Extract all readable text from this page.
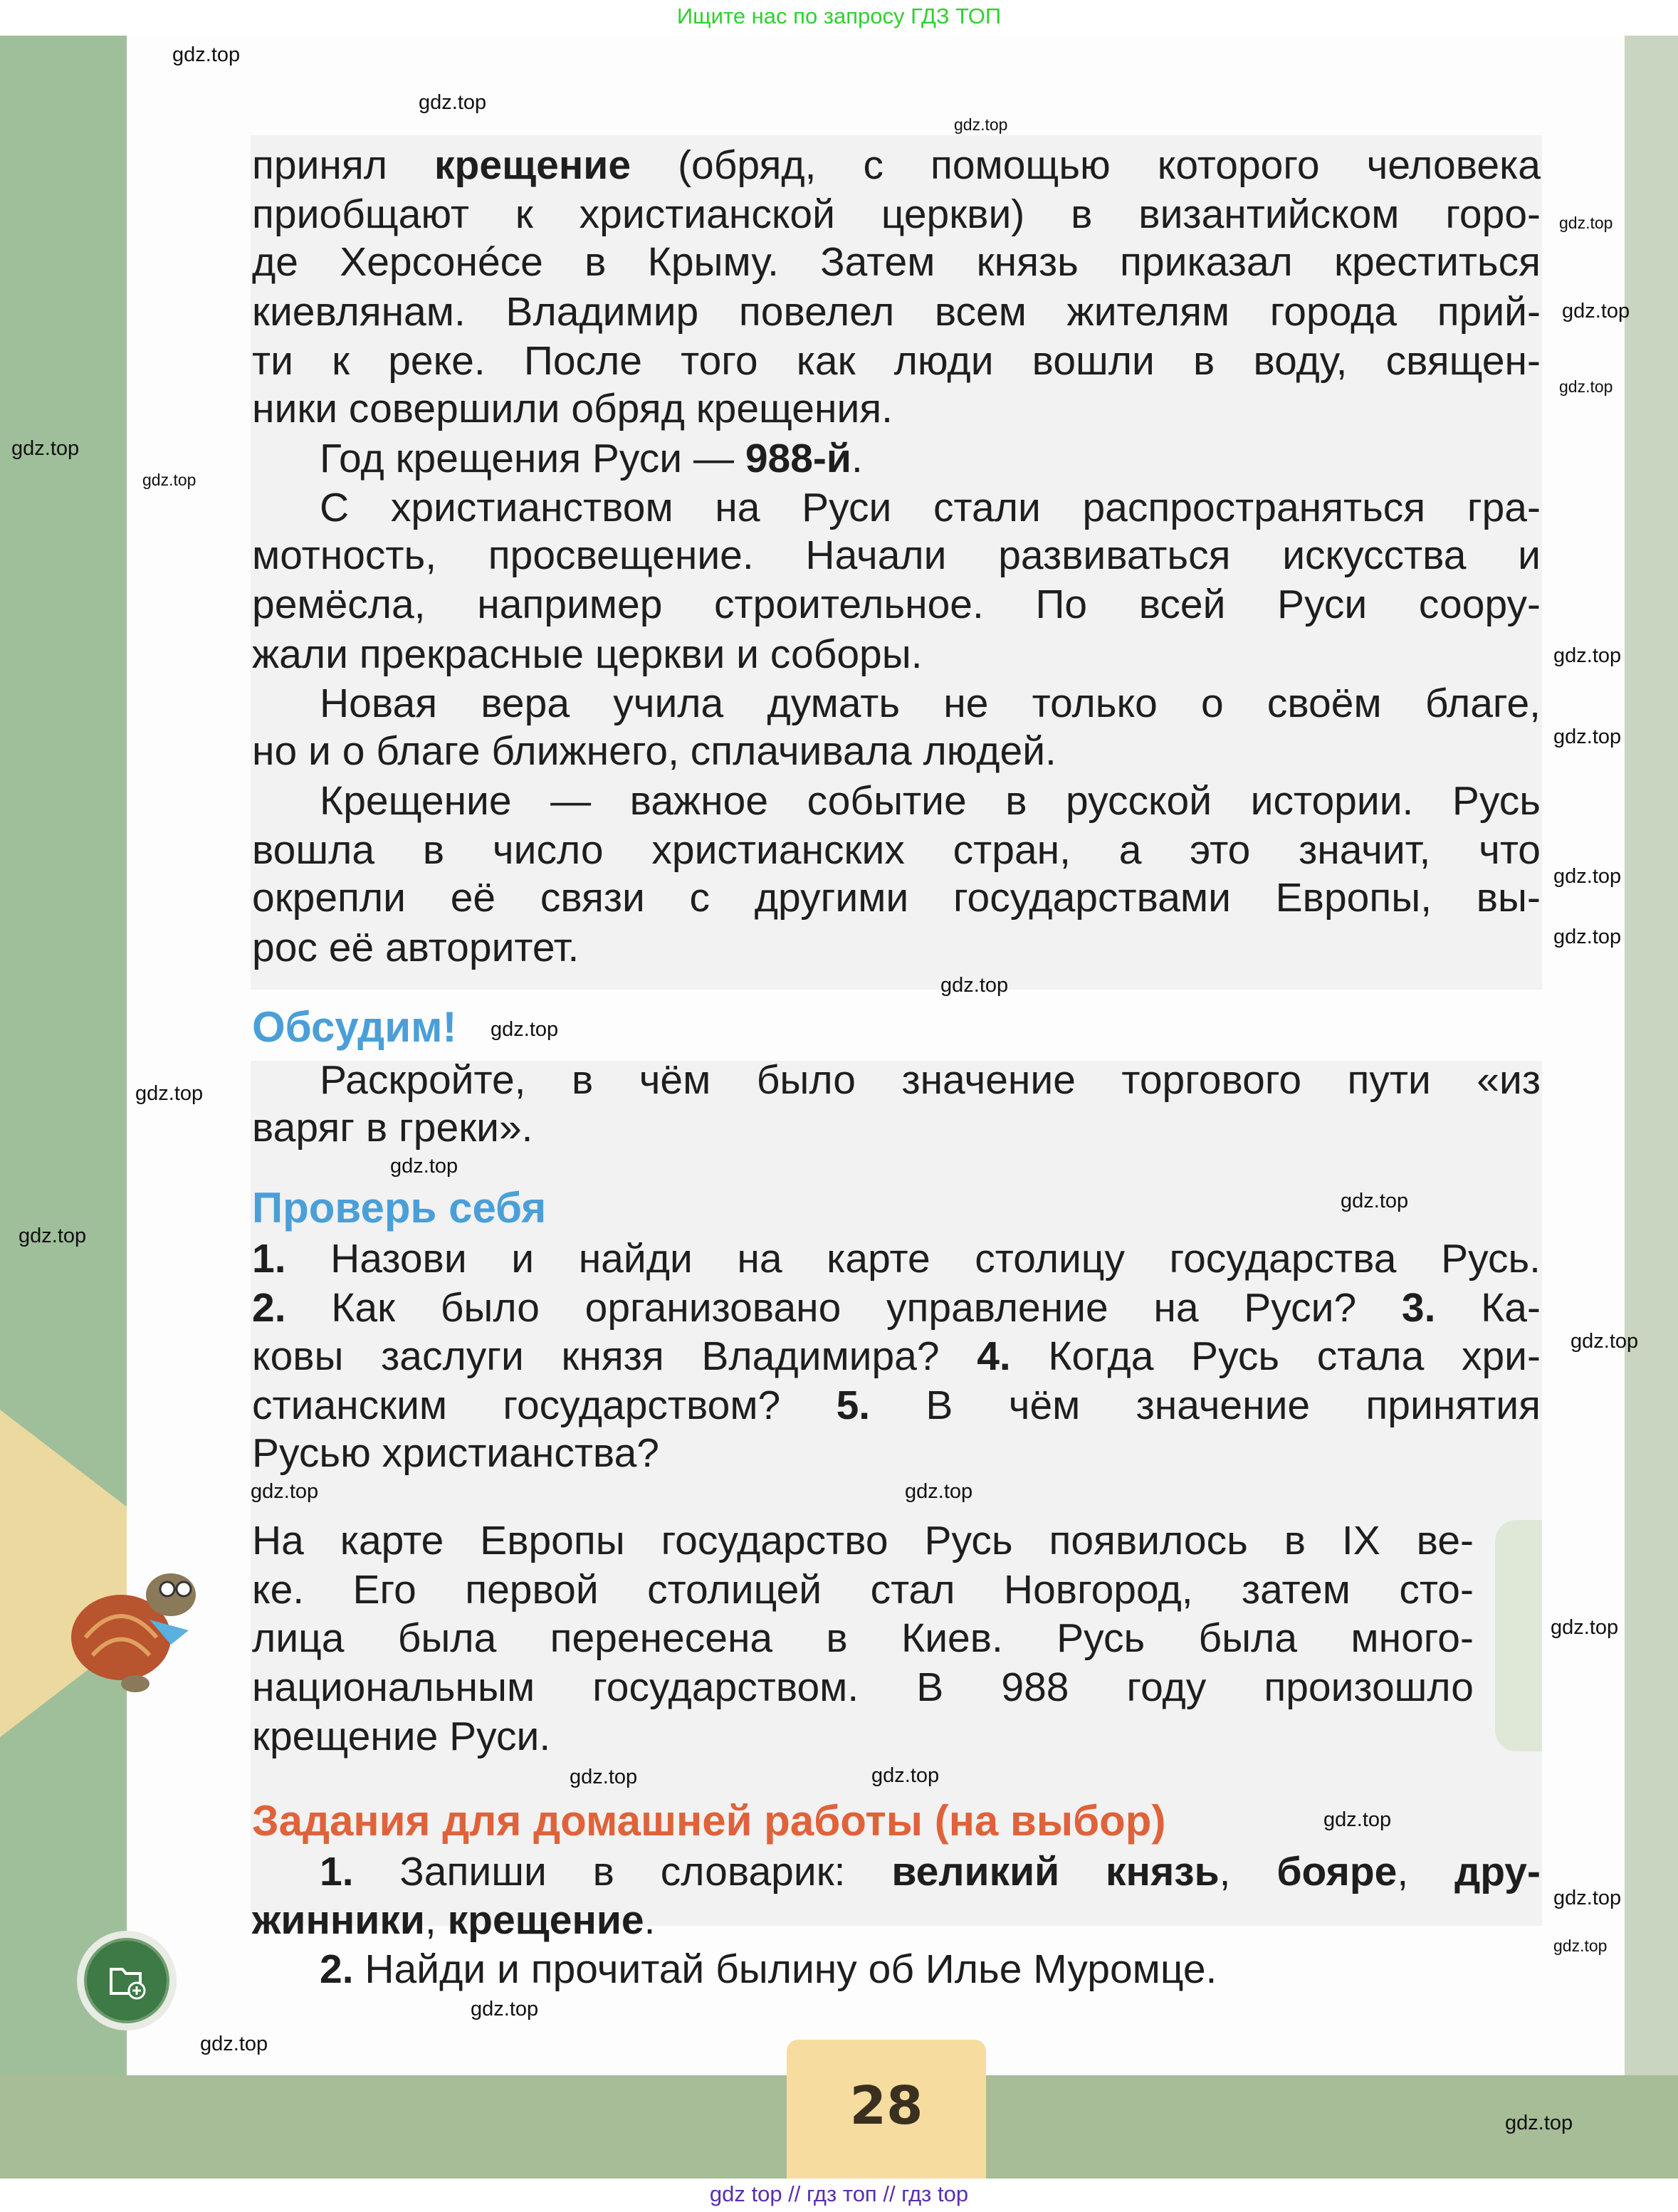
Ищите нас по запросу ГДЗ ТОП
принял крещение (обряд, с помощью которого человека
приобщают к христианской церкви) в византийском горо-
де Херсонéсе в Крыму. Затем князь приказал креститься
киевлянам. Владимир повелел всем жителям города прий-
ти к реке. После того как люди вошли в воду, священ-
ники совершили обряд крещения.
Год крещения Руси — 988-й.
С христианством на Руси стали распространяться гра-
мотность, просвещение. Начали развиваться искусства и
ремёсла, например строительное. По всей Руси соору-
жали прекрасные церкви и соборы.
Новая вера учила думать не только о своём благе,
но и о благе ближнего, сплачивала людей.
Крещение — важное событие в русской истории. Русь
вошла в число христианских стран, а это значит, что
окрепли её связи с другими государствами Европы, вы-
рос её авторитет.
Обсудим!
Раскройте, в чём было значение торгового пути «из
варяг в греки».
Проверь себя
1. Назови и найди на карте столицу государства Русь.
2. Как было организовано управление на Руси? 3. Ка-
ковы заслуги князя Владимира? 4. Когда Русь стала хри-
стианским государством? 5. В чём значение принятия
Русью христианства?
На карте Европы государство Русь появилось в IX ве-
ке. Его первой столицей стал Новгород, затем сто-
лица была перенесена в Киев. Русь была много-
национальным государством. В 988 году произошло
крещение Руси.
Задания для домашней работы (на выбор)
1. Запиши в словарик: великий князь, бояре, дру-
жинники, крещение.
2. Найди и прочитай былину об Илье Муромце.
28
gdz.top
gdz.top
gdz.top
gdz.top
gdz.top
gdz.top
gdz.top
gdz.top
gdz.top
gdz.top
gdz.top
gdz.top
gdz.top
gdz.top
gdz.top
gdz.top
gdz.top
gdz.top
gdz.top
gdz.top
gdz.top
gdz.top
gdz.top
gdz.top
gdz.top
gdz.top
gdz.top
gdz.top
gdz.top
gdz.top
gdz top // гдз топ // гдз top
